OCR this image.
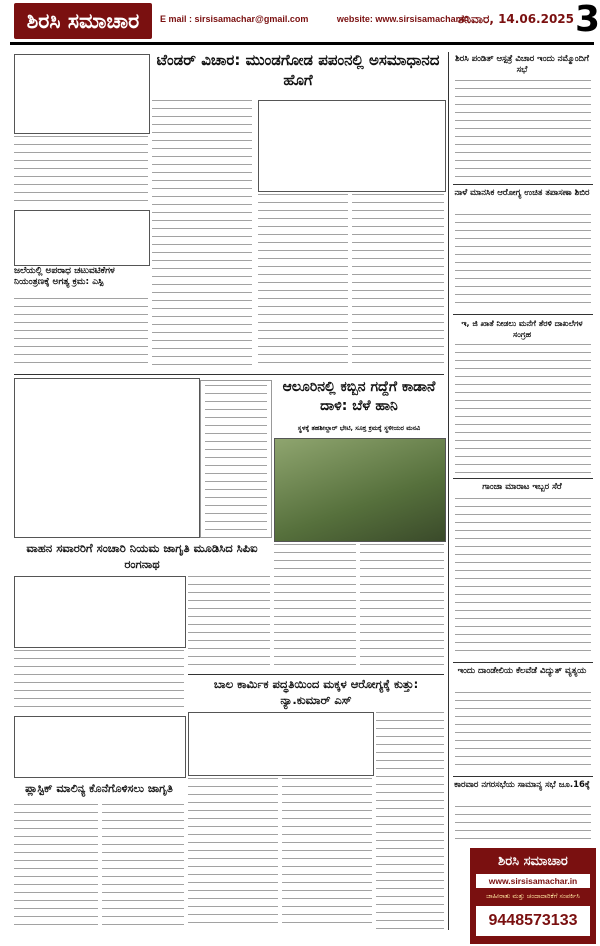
ಶಿರಸಿ ಸಮಾಚಾರ	E mail : sirsisamachar@gmail.com	website: www.sirsisamachar.in
ಶನಿವಾರ, 14.06.2025 3
ಟೆಂಡರ್ ವಿಚಾರ: ಮುಂಡಗೋಡ ಪಪಂನಲ್ಲಿ ಅಸಮಾಧಾನದ ಹೊಗೆ
ಜಲೆಯಲ್ಲಿ ಅಪರಾಧ ಚಟುವಟಿಕೆಗಳ ನಿಯಂತ್ರಣಕ್ಕೆ ಅಗತ್ಯ ಕ್ರಮ: ಎಸ್ಪಿ
ಆಲೂರಿನಲ್ಲಿ ಕಬ್ಬಿನ ಗದ್ದೆಗೆ ಕಾಡಾನೆ ದಾಳಿ: ಬೆಳೆ ಹಾನಿ
ಸ್ಥಳಕ್ಕೆ ತಹಶೀಲ್ದಾರ್ ಭೇಟಿ, ಸೂಕ್ತ ಕ್ರಮಕ್ಕೆ ಸ್ಥಳೀಯರ ಮನವಿ
ವಾಹನ ಸವಾರರಿಗೆ ಸಂಚಾರಿ ನಿಯಮ ಜಾಗೃತಿ ಮೂಡಿಸಿದ ಸಿಪಿಐ ರಂಗನಾಥ
ಬಾಲ ಕಾರ್ಮಿಕ ಪದ್ಧತಿಯಿಂದ ಮಕ್ಕಳ ಆರೋಗ್ಯಕ್ಕೆ ಕುತ್ತು: ನ್ಯಾ.ಕುಮಾರ್ ಎಸ್
ಪ್ಲಾಸ್ಟಿಕ್ ಮಾಲಿನ್ಯ ಕೊನೆಗೊಳಿಸಲು ಜಾಗೃತಿ
ಶಿರಸಿ ಪಂಡಿತ್ ಆಸ್ಪತ್ರೆ ವಿಚಾರ ಇಂದು ನಮ್ಮೊಂದಿಗೆ ಸಭೆ
ನಾಳೆ ಮಾನಸಿಕ ಆರೋಗ್ಯ ಉಚಿತ ತಪಾಸಣಾ ಶಿಬಿರ
ಇ, ಜಿ ಖಾತೆ ನೀಡಲು ಮನೆಗೆ ತೆರಳಿ ದಾಖಲೆಗಳ ಸಂಗ್ರಹ
ಗಾಂಜಾ ಮಾರಾಟ ಇಬ್ಬರ ಸೆರೆ
ಇಂದು ದಾಂಡೇಲಿಯ ಕೆಲವೆಡೆ ವಿದ್ಯುತ್ ವ್ಯತ್ಯಯ
ಕಾರವಾರ ನಗರಸಭೆಯ ಸಾಮಾನ್ಯ ಸಭೆ ಜೂ.16ಕ್ಕೆ
ಶಿರಸಿ ಸಮಾಚಾರ
www.sirsisamachar.in
ಜಾಹೀರಾತು ಮತ್ತು ಚಂದಾದಾರಿಕೆಗೆ ಸಂಪರ್ಕಿಸಿ
9448573133
